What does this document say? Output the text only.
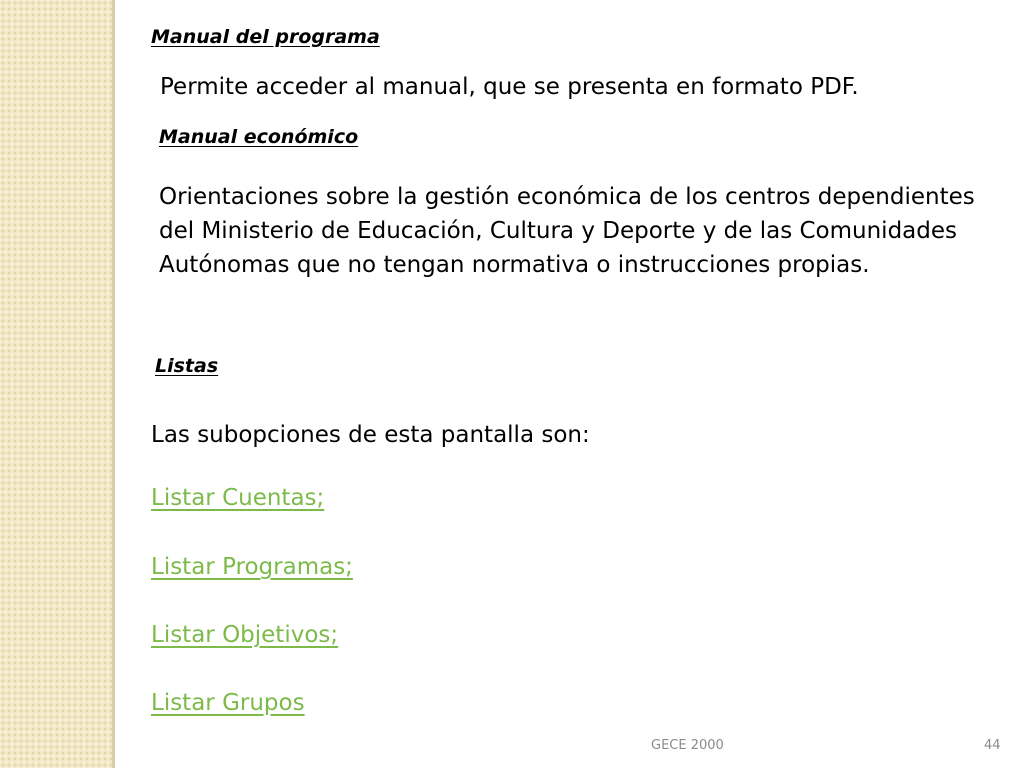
Manual del programa
Permite acceder al manual, que se presenta en formato PDF.
Manual económico
Orientaciones sobre la gestión económica de los centros dependientes
del Ministerio de Educación, Cultura y Deporte y de las Comunidades
Autónomas que no tengan normativa o instrucciones propias.
Listas
Las subopciones de esta pantalla son:
Listar Cuentas;
Listar Programas;
Listar Objetivos;
Listar Grupos
GECE 2000	44
